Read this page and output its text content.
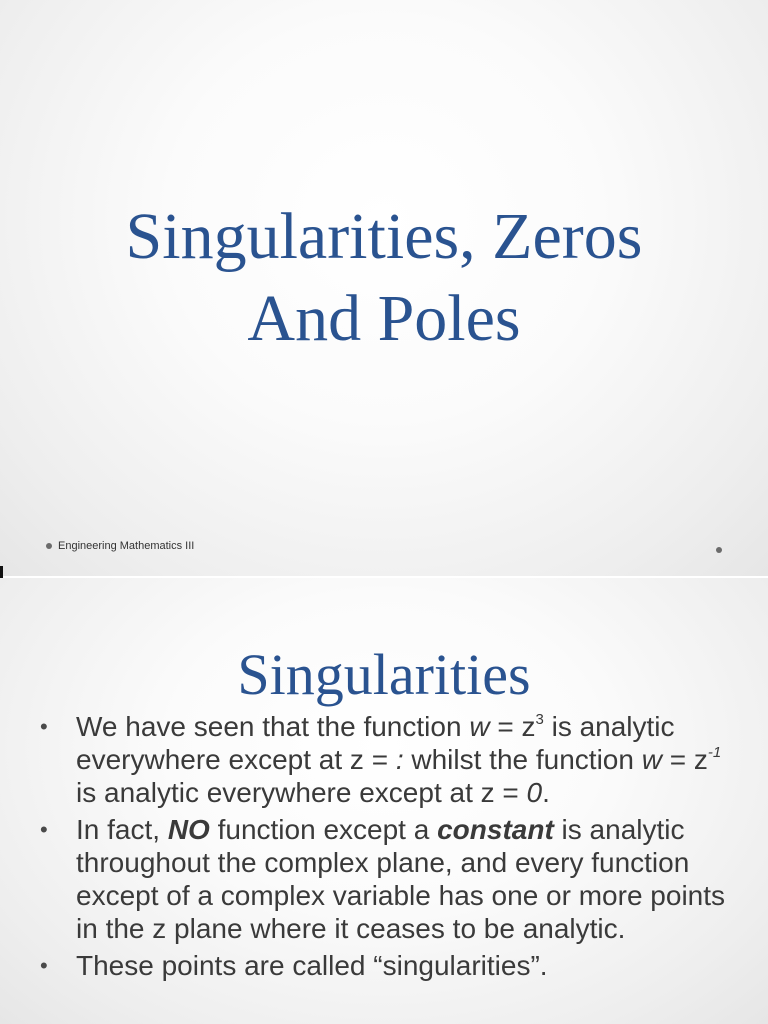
Singularities, Zeros
And Poles
Engineering Mathematics III
Singularities
• We have seen that the function $w = z^3$ is analytic everywhere except at z = : whilst the function $w = z^{-1}$ is analytic everywhere except at z = 0.
• In fact, NO function except a constant is analytic throughout the complex plane, and every function except of a complex variable has one or more points in the z plane where it ceases to be analytic.
• These points are called “singularities”.
